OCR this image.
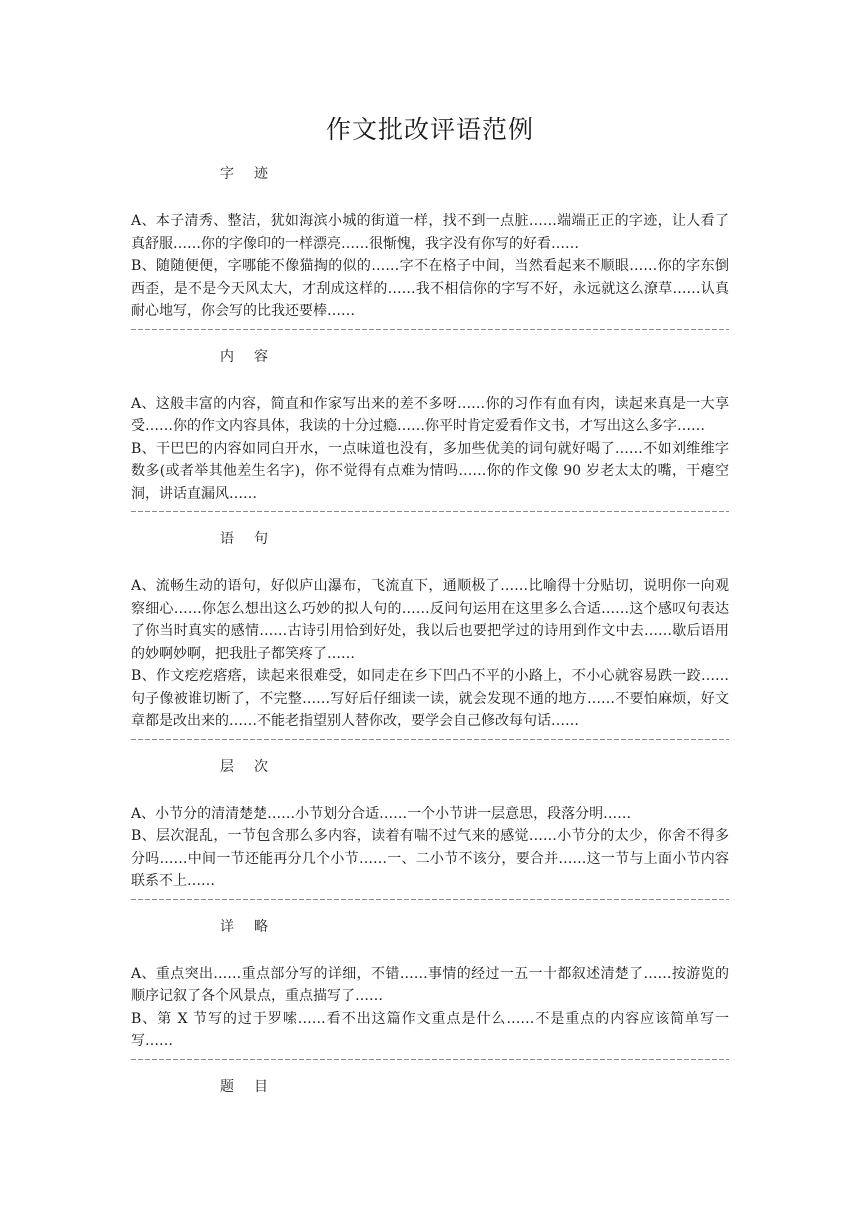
作文批改评语范例
字迹

A、本子清秀、整洁，犹如海滨小城的街道一样，找不到一点脏……端端正正的字迹，让人看了真舒服……你的字像印的一样漂亮……很惭愧，我字没有你写的好看……

B、随随便便，字哪能不像猫掏的似的……字不在格子中间，当然看起来不顺眼……你的字东倒西歪，是不是今天风太大，才刮成这样的……我不相信你的字写不好，永远就这么潦草……认真耐心地写，你会写的比我还要棒……

内容

A、这般丰富的内容，简直和作家写出来的差不多呀……你的习作有血有肉，读起来真是一大享受……你的作文内容具体，我读的十分过瘾……你平时肯定爱看作文书，才写出这么多字……

B、干巴巴的内容如同白开水，一点味道也没有，多加些优美的词句就好喝了……不如刘维维字数多(或者举其他差生名字)，你不觉得有点难为情吗……你的作文像 90 岁老太太的嘴，干瘪空洞，讲话直漏风……

语句

A、流畅生动的语句，好似庐山瀑布，飞流直下，通顺极了……比喻得十分贴切，说明你一向观察细心……你怎么想出这么巧妙的拟人句的……反问句运用在这里多么合适……这个感叹句表达了你当时真实的感情……古诗引用恰到好处，我以后也要把学过的诗用到作文中去……歇后语用的妙啊妙啊，把我肚子都笑疼了……

B、作文疙疙瘩瘩，读起来很难受，如同走在乡下凹凸不平的小路上，不小心就容易跌一跤……句子像被谁切断了，不完整……写好后仔细读一读，就会发现不通的地方……不要怕麻烦，好文章都是改出来的……不能老指望别人替你改，要学会自己修改每句话……

层次

A、小节分的清清楚楚……小节划分合适……一个小节讲一层意思，段落分明……

B、层次混乱，一节包含那么多内容，读着有喘不过气来的感觉……小节分的太少，你舍不得多分吗……中间一节还能再分几个小节……一、二小节不该分，要合并……这一节与上面小节内容联系不上……

详略

A、重点突出……重点部分写的详细，不错……事情的经过一五一十都叙述清楚了……按游览的顺序记叙了各个风景点，重点描写了……

B、第 X 节写的过于罗嗦……看不出这篇作文重点是什么……不是重点的内容应该简单写一写……

题目
